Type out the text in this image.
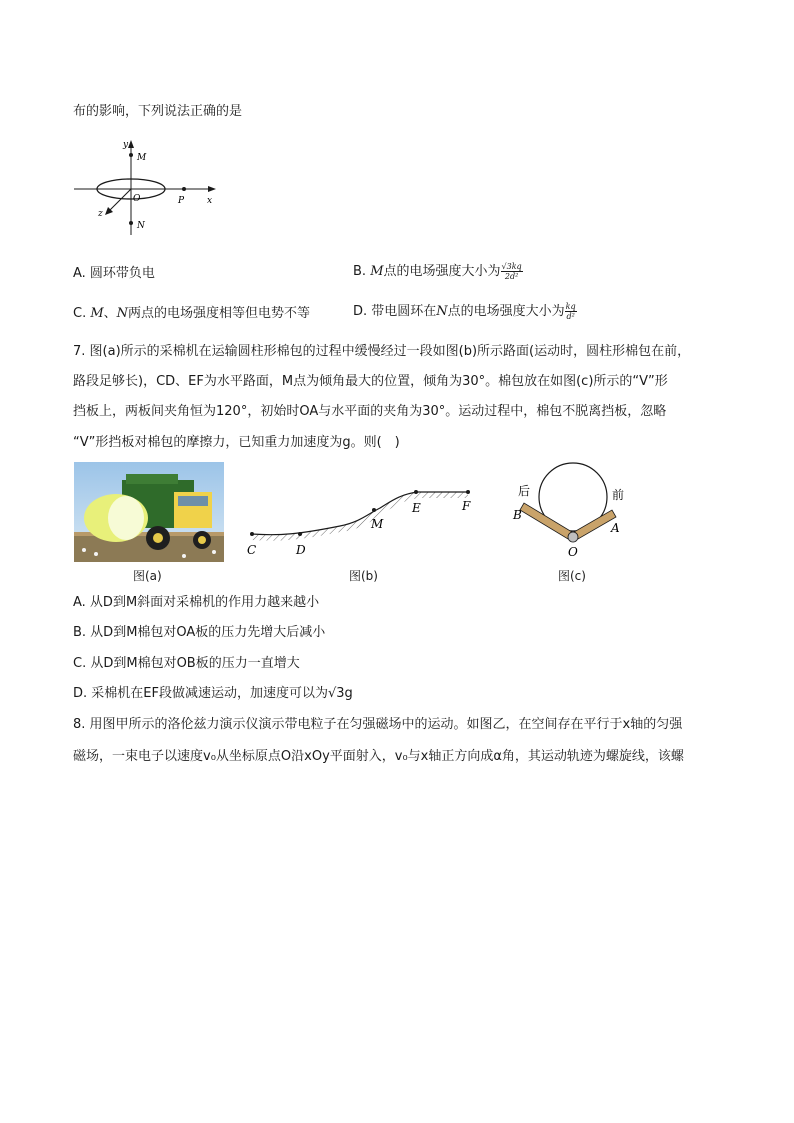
布的影响，下列说法正确的是
y
M
O	P	x
z
N
A. 圆环带负电	B. M点的电场强度大小为 $\frac{√3kq}{\text{2d²}}$
C. M、N两点的电场强度相等但电势不等	D. 带电圆环在N点的电场强度大小为 $\frac{kq}{\text{d²}}$
7. 图(a)所示的采棉机在运输圆柱形棉包的过程中缓慢经过一段如图(b)所示路面(运动时，圆柱形棉包在前，
路段足够长)，CD、EF为水平路面，M点为倾角最大的位置，倾角为30°。棉包放在如图(c)所示的“V”形
挡板上，两板间夹角恒为120°，初始时OA与水平面的夹角为30°。运动过程中，棉包不脱离挡板，忽略
“V”形挡板对棉包的摩擦力，已知重力加速度为g。则(　)
C	D
M
E	F
后	前
B
A
O
图(a)	图(b)	图(c)
A. 从D到M斜面对采棉机的作用力越来越小
B. 从D到M棉包对OA板的压力先增大后减小
C. 从D到M棉包对OB板的压力一直增大
D. 采棉机在EF段做减速运动，加速度可以为√3g
8. 用图甲所示的洛伦兹力演示仪演示带电粒子在匀强磁场中的运动。如图乙，在空间存在平行于x轴的匀强
磁场，一束电子以速度v₀从坐标原点O沿xOy平面射入，v₀与x轴正方向成α角，其运动轨迹为螺旋线，该螺
